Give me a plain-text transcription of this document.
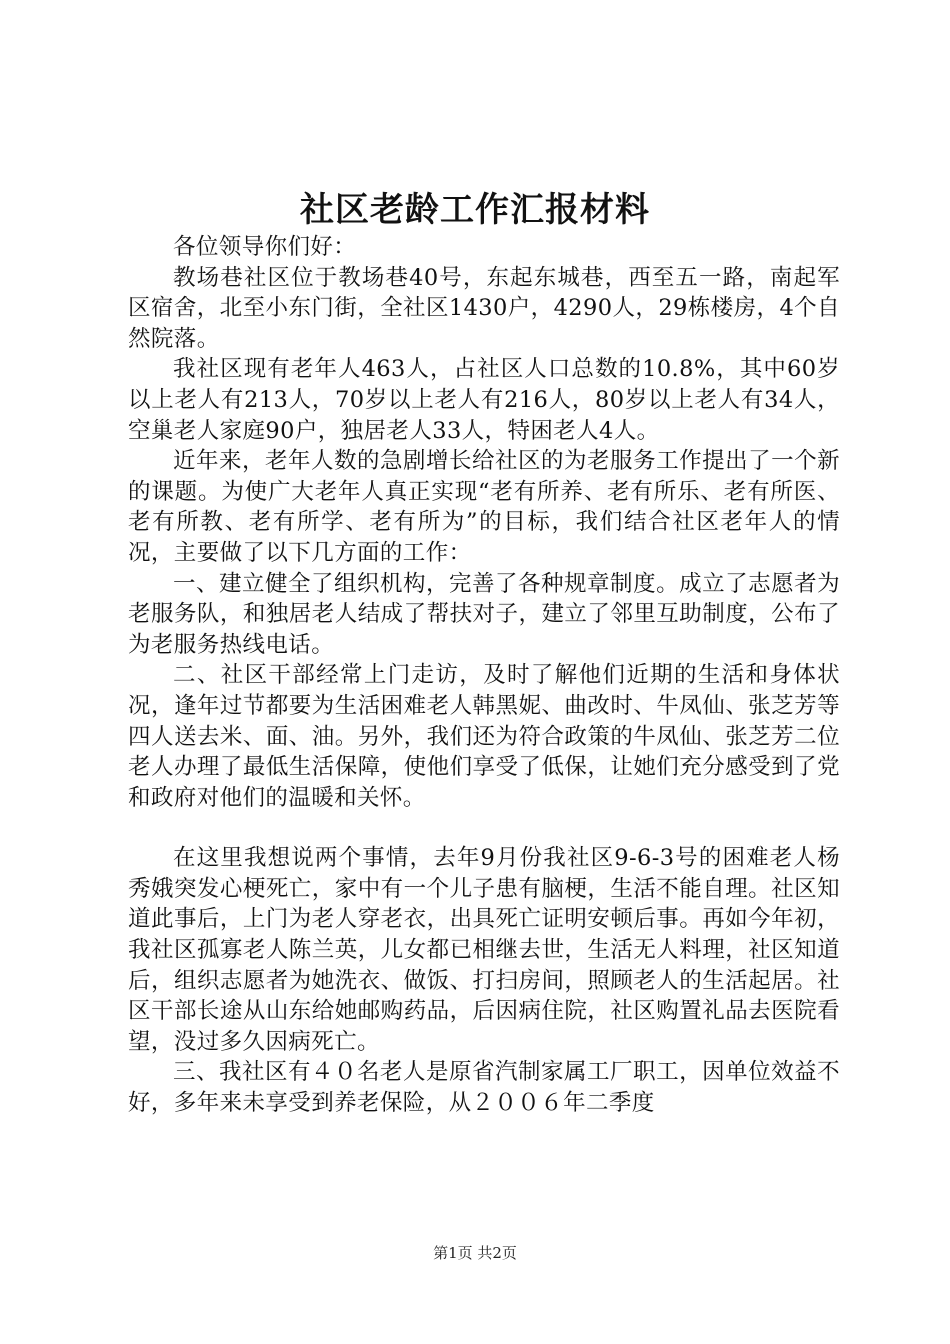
社区老龄工作汇报材料

各位领导你们好：

教场巷社区位于教场巷40号，东起东城巷，西至五一路，南起军区宿舍，北至小东门街，全社区1430户，4290人，29栋楼房，4个自然院落。

我社区现有老年人463人，占社区人口总数的10.8%，其中60岁以上老人有213人，70岁以上老人有216人，80岁以上老人有34人，空巢老人家庭90户，独居老人33人，特困老人4人。

近年来，老年人数的急剧增长给社区的为老服务工作提出了一个新的课题。为使广大老年人真正实现“老有所养、老有所乐、老有所医、老有所教、老有所学、老有所为”的目标，我们结合社区老年人的情况，主要做了以下几方面的工作：

一、建立健全了组织机构，完善了各种规章制度。成立了志愿者为老服务队，和独居老人结成了帮扶对子，建立了邻里互助制度，公布了为老服务热线电话。

二、社区干部经常上门走访，及时了解他们近期的生活和身体状况，逢年过节都要为生活困难老人韩黑妮、曲改时、牛凤仙、张芝芳等四人送去米、面、油。另外，我们还为符合政策的牛凤仙、张芝芳二位老人办理了最低生活保障，使他们享受了低保，让她们充分感受到了党和政府对他们的温暖和关怀。

在这里我想说两个事情，去年9月份我社区9-6-3号的困难老人杨秀娥突发心梗死亡，家中有一个儿子患有脑梗，生活不能自理。社区知道此事后，上门为老人穿老衣，出具死亡证明安顿后事。再如今年初，我社区孤寡老人陈兰英，儿女都已相继去世，生活无人料理，社区知道后，组织志愿者为她洗衣、做饭、打扫房间，照顾老人的生活起居。社区干部长途从山东给她邮购药品，后因病住院，社区购置礼品去医院看望，没过多久因病死亡。

三、我社区有４０名老人是原省汽制家属工厂职工，因单位效益不好，多年来未享受到养老保险，从２００６年二季度

第1页 共2页
